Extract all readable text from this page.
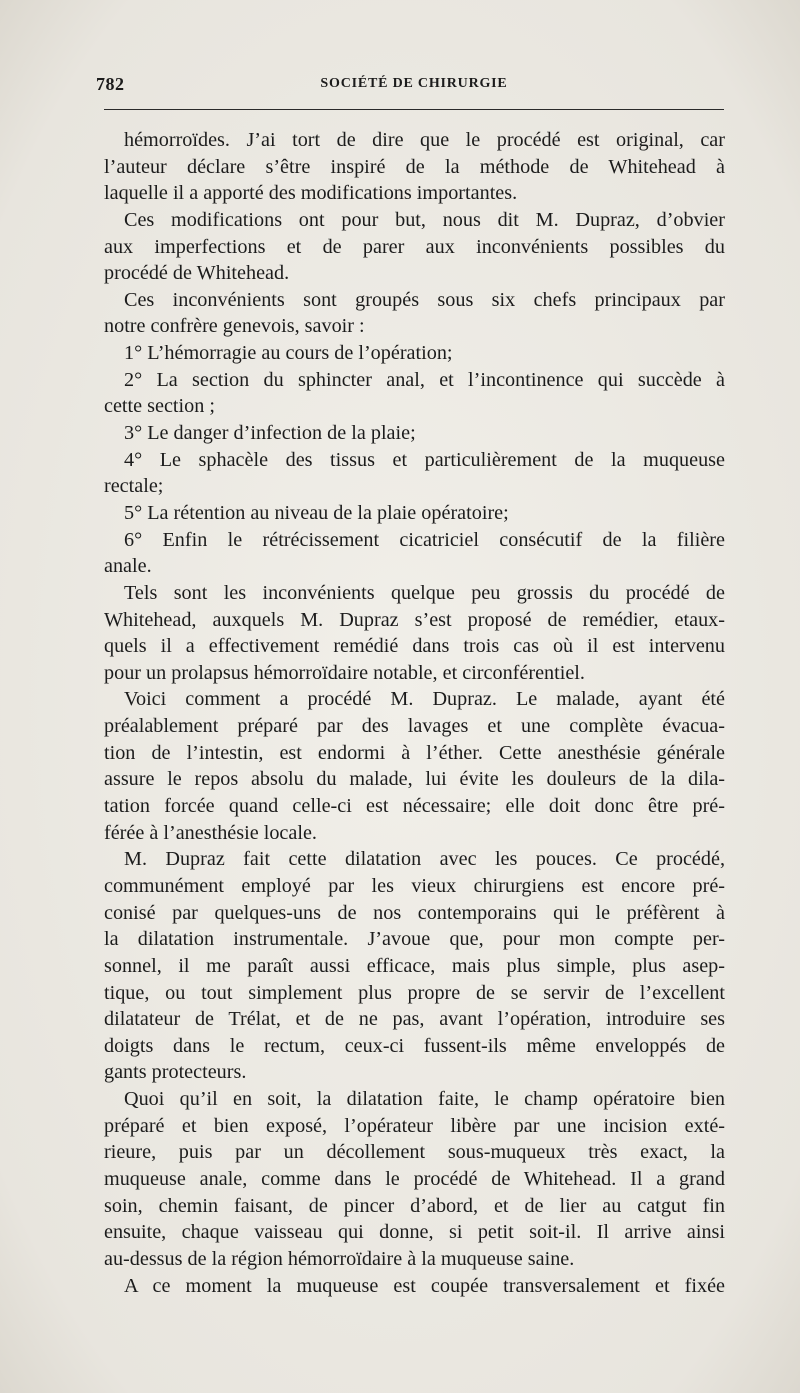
782	SOCIÉTÉ DE CHIRURGIE

hémorroïdes. J’ai tort de dire que le procédé est original, car
l’auteur déclare s’être inspiré de la méthode de Whitehead à
laquelle il a apporté des modifications importantes.

Ces modifications ont pour but, nous dit M. Dupraz, d’obvier
aux imperfections et de parer aux inconvénients possibles du
procédé de Whitehead.

Ces inconvénients sont groupés sous six chefs principaux par
notre confrère genevois, savoir :

1° L’hémorragie au cours de l’opération;

2° La section du sphincter anal, et l’incontinence qui succède à
cette section ;

3° Le danger d’infection de la plaie;

4° Le sphacèle des tissus et particulièrement de la muqueuse
rectale;

5° La rétention au niveau de la plaie opératoire;

6° Enfin le rétrécissement cicatriciel consécutif de la filière
anale.

Tels sont les inconvénients quelque peu grossis du procédé de
Whitehead, auxquels M. Dupraz s’est proposé de remédier, etaux-
quels il a effectivement remédié dans trois cas où il est intervenu
pour un prolapsus hémorroïdaire notable, et circonférentiel.

Voici comment a procédé M. Dupraz. Le malade, ayant été
préalablement préparé par des lavages et une complète évacua-
tion de l’intestin, est endormi à l’éther. Cette anesthésie générale
assure le repos absolu du malade, lui évite les douleurs de la dila-
tation forcée quand celle-ci est nécessaire; elle doit donc être pré-
férée à l’anesthésie locale.

M. Dupraz fait cette dilatation avec les pouces. Ce procédé,
communément employé par les vieux chirurgiens est encore pré-
conisé par quelques-uns de nos contemporains qui le préfèrent à
la dilatation instrumentale. J’avoue que, pour mon compte per-
sonnel, il me paraît aussi efficace, mais plus simple, plus asep-
tique, ou tout simplement plus propre de se servir de l’excellent
dilatateur de Trélat, et de ne pas, avant l’opération, introduire ses
doigts dans le rectum, ceux-ci fussent-ils même enveloppés de
gants protecteurs.

Quoi qu’il en soit, la dilatation faite, le champ opératoire bien
préparé et bien exposé, l’opérateur libère par une incision exté-
rieure, puis par un décollement sous-muqueux très exact, la
muqueuse anale, comme dans le procédé de Whitehead. Il a grand
soin, chemin faisant, de pincer d’abord, et de lier au catgut fin
ensuite, chaque vaisseau qui donne, si petit soit-il. Il arrive ainsi
au-dessus de la région hémorroïdaire à la muqueuse saine.

A ce moment la muqueuse est coupée transversalement et fixée
